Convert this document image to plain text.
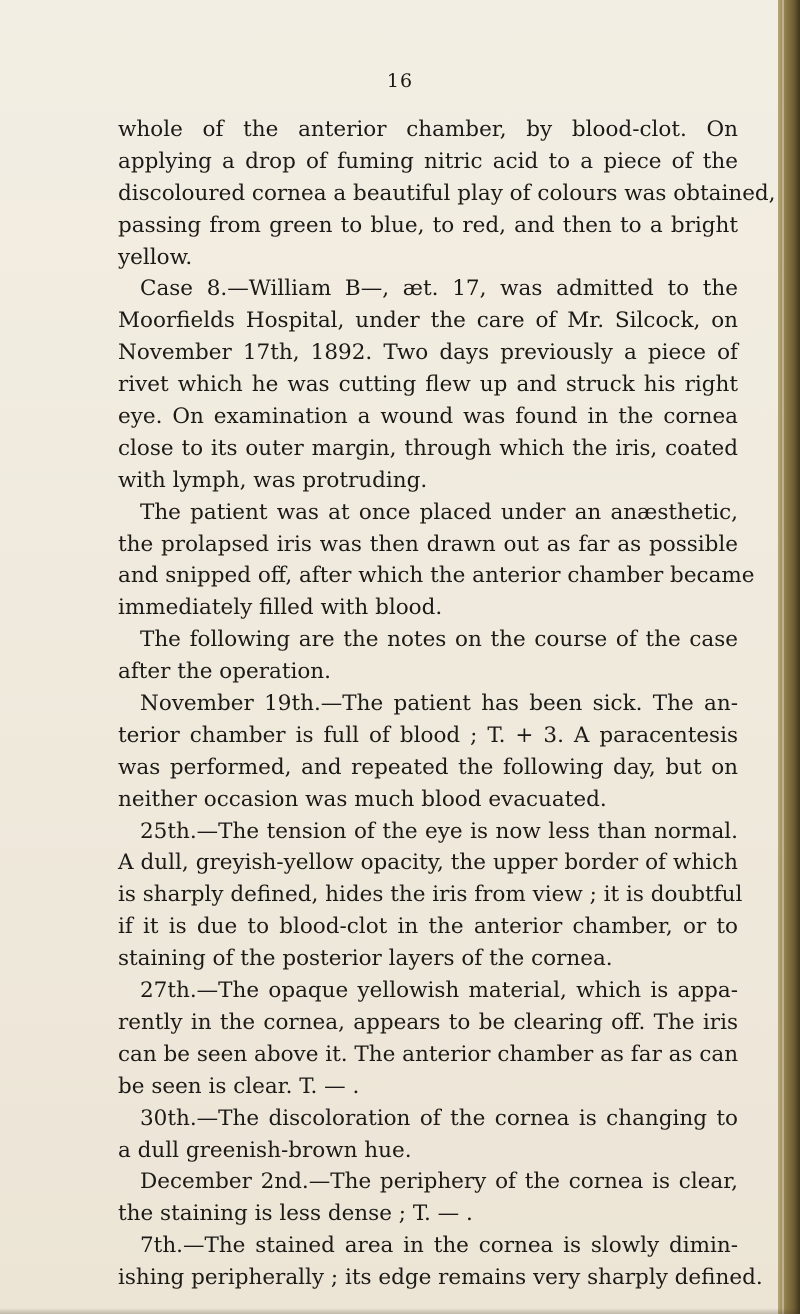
16
whole of the anterior chamber, by blood-clot. On
applying a drop of fuming nitric acid to a piece of the
discoloured cornea a beautiful play of colours was obtained,
passing from green to blue, to red, and then to a bright
yellow.
Case 8.—William B—, æt. 17, was admitted to the
Moorfields Hospital, under the care of Mr. Silcock, on
November 17th, 1892. Two days previously a piece of
rivet which he was cutting flew up and struck his right
eye. On examination a wound was found in the cornea
close to its outer margin, through which the iris, coated
with lymph, was protruding.
The patient was at once placed under an anæsthetic,
the prolapsed iris was then drawn out as far as possible
and snipped off, after which the anterior chamber became
immediately filled with blood.
The following are the notes on the course of the case
after the operation.
November 19th.—The patient has been sick. The an-
terior chamber is full of blood ; T. + 3. A paracentesis
was performed, and repeated the following day, but on
neither occasion was much blood evacuated.
25th.—The tension of the eye is now less than normal.
A dull, greyish-yellow opacity, the upper border of which
is sharply defined, hides the iris from view ; it is doubtful
if it is due to blood-clot in the anterior chamber, or to
staining of the posterior layers of the cornea.
27th.—The opaque yellowish material, which is appa-
rently in the cornea, appears to be clearing off. The iris
can be seen above it. The anterior chamber as far as can
be seen is clear. T. — .
30th.—The discoloration of the cornea is changing to
a dull greenish-brown hue.
December 2nd.—The periphery of the cornea is clear,
the staining is less dense ; T. — .
7th.—The stained area in the cornea is slowly dimin-
ishing peripherally ; its edge remains very sharply defined.
